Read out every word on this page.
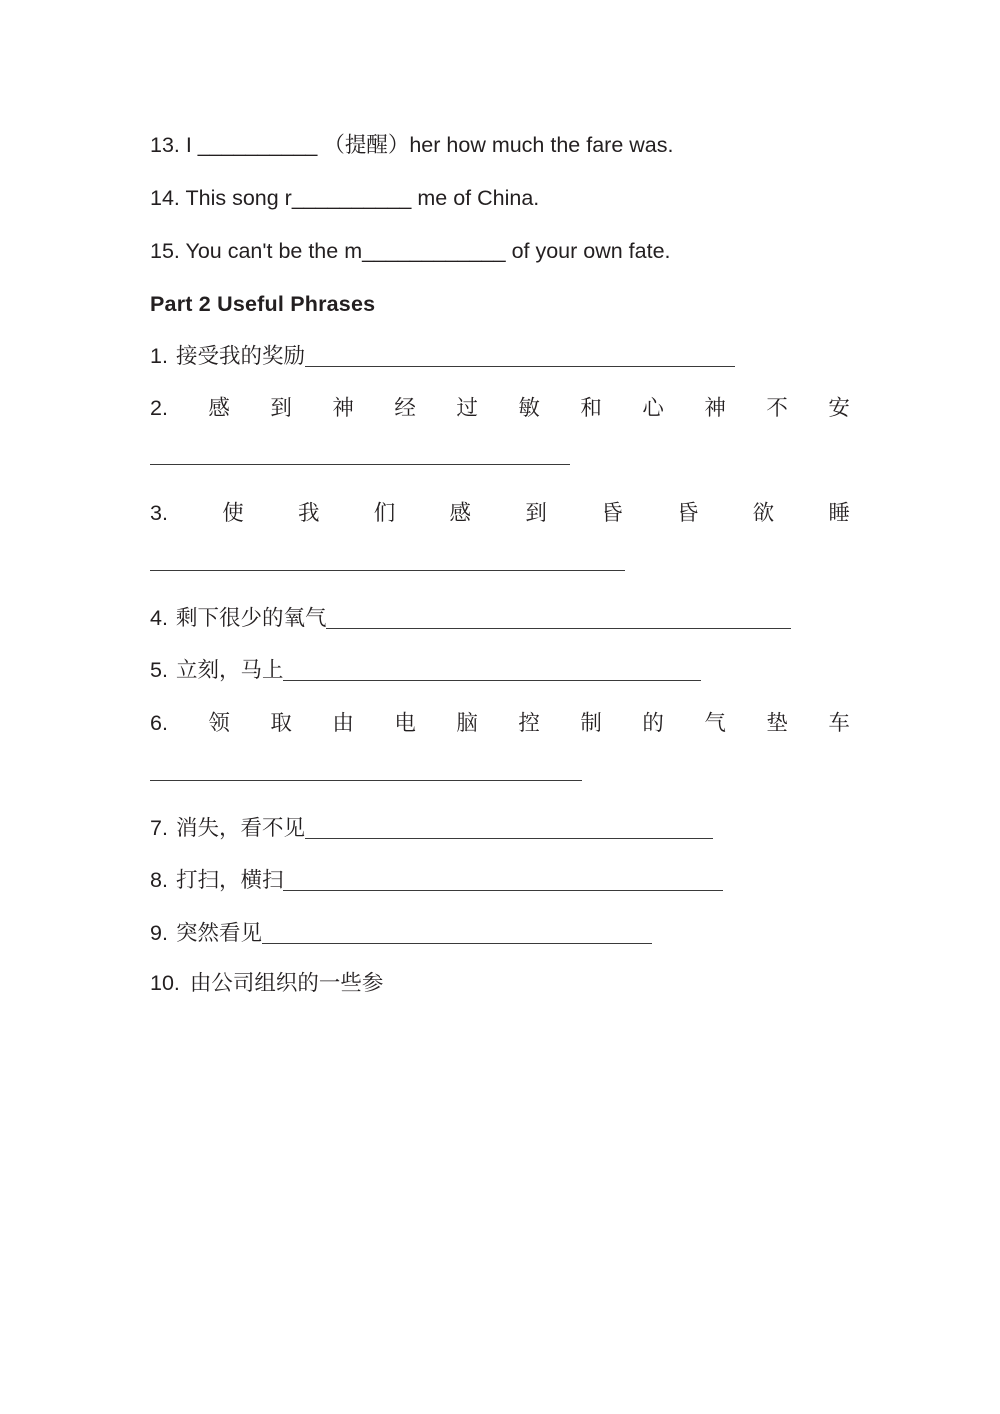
13. I __________ （提醒）her how much the fare was.
14. This song r__________ me of China.
15. You can't be the m____________ of your own fate.
Part 2 Useful Phrases
1. 接受我的奖励
2. 感 到 神 经 过 敏 和 心 神 不 安
3.	使	我	们	感	到	昏	昏	欲	睡
4. 剩下很少的氧气
5. 立刻，马上
6. 领 取 由 电 脑 控 制 的 气 垫 车
7. 消失，看不见
8. 打扫，横扫
9. 突然看见
10. 由公司组织的一些参
